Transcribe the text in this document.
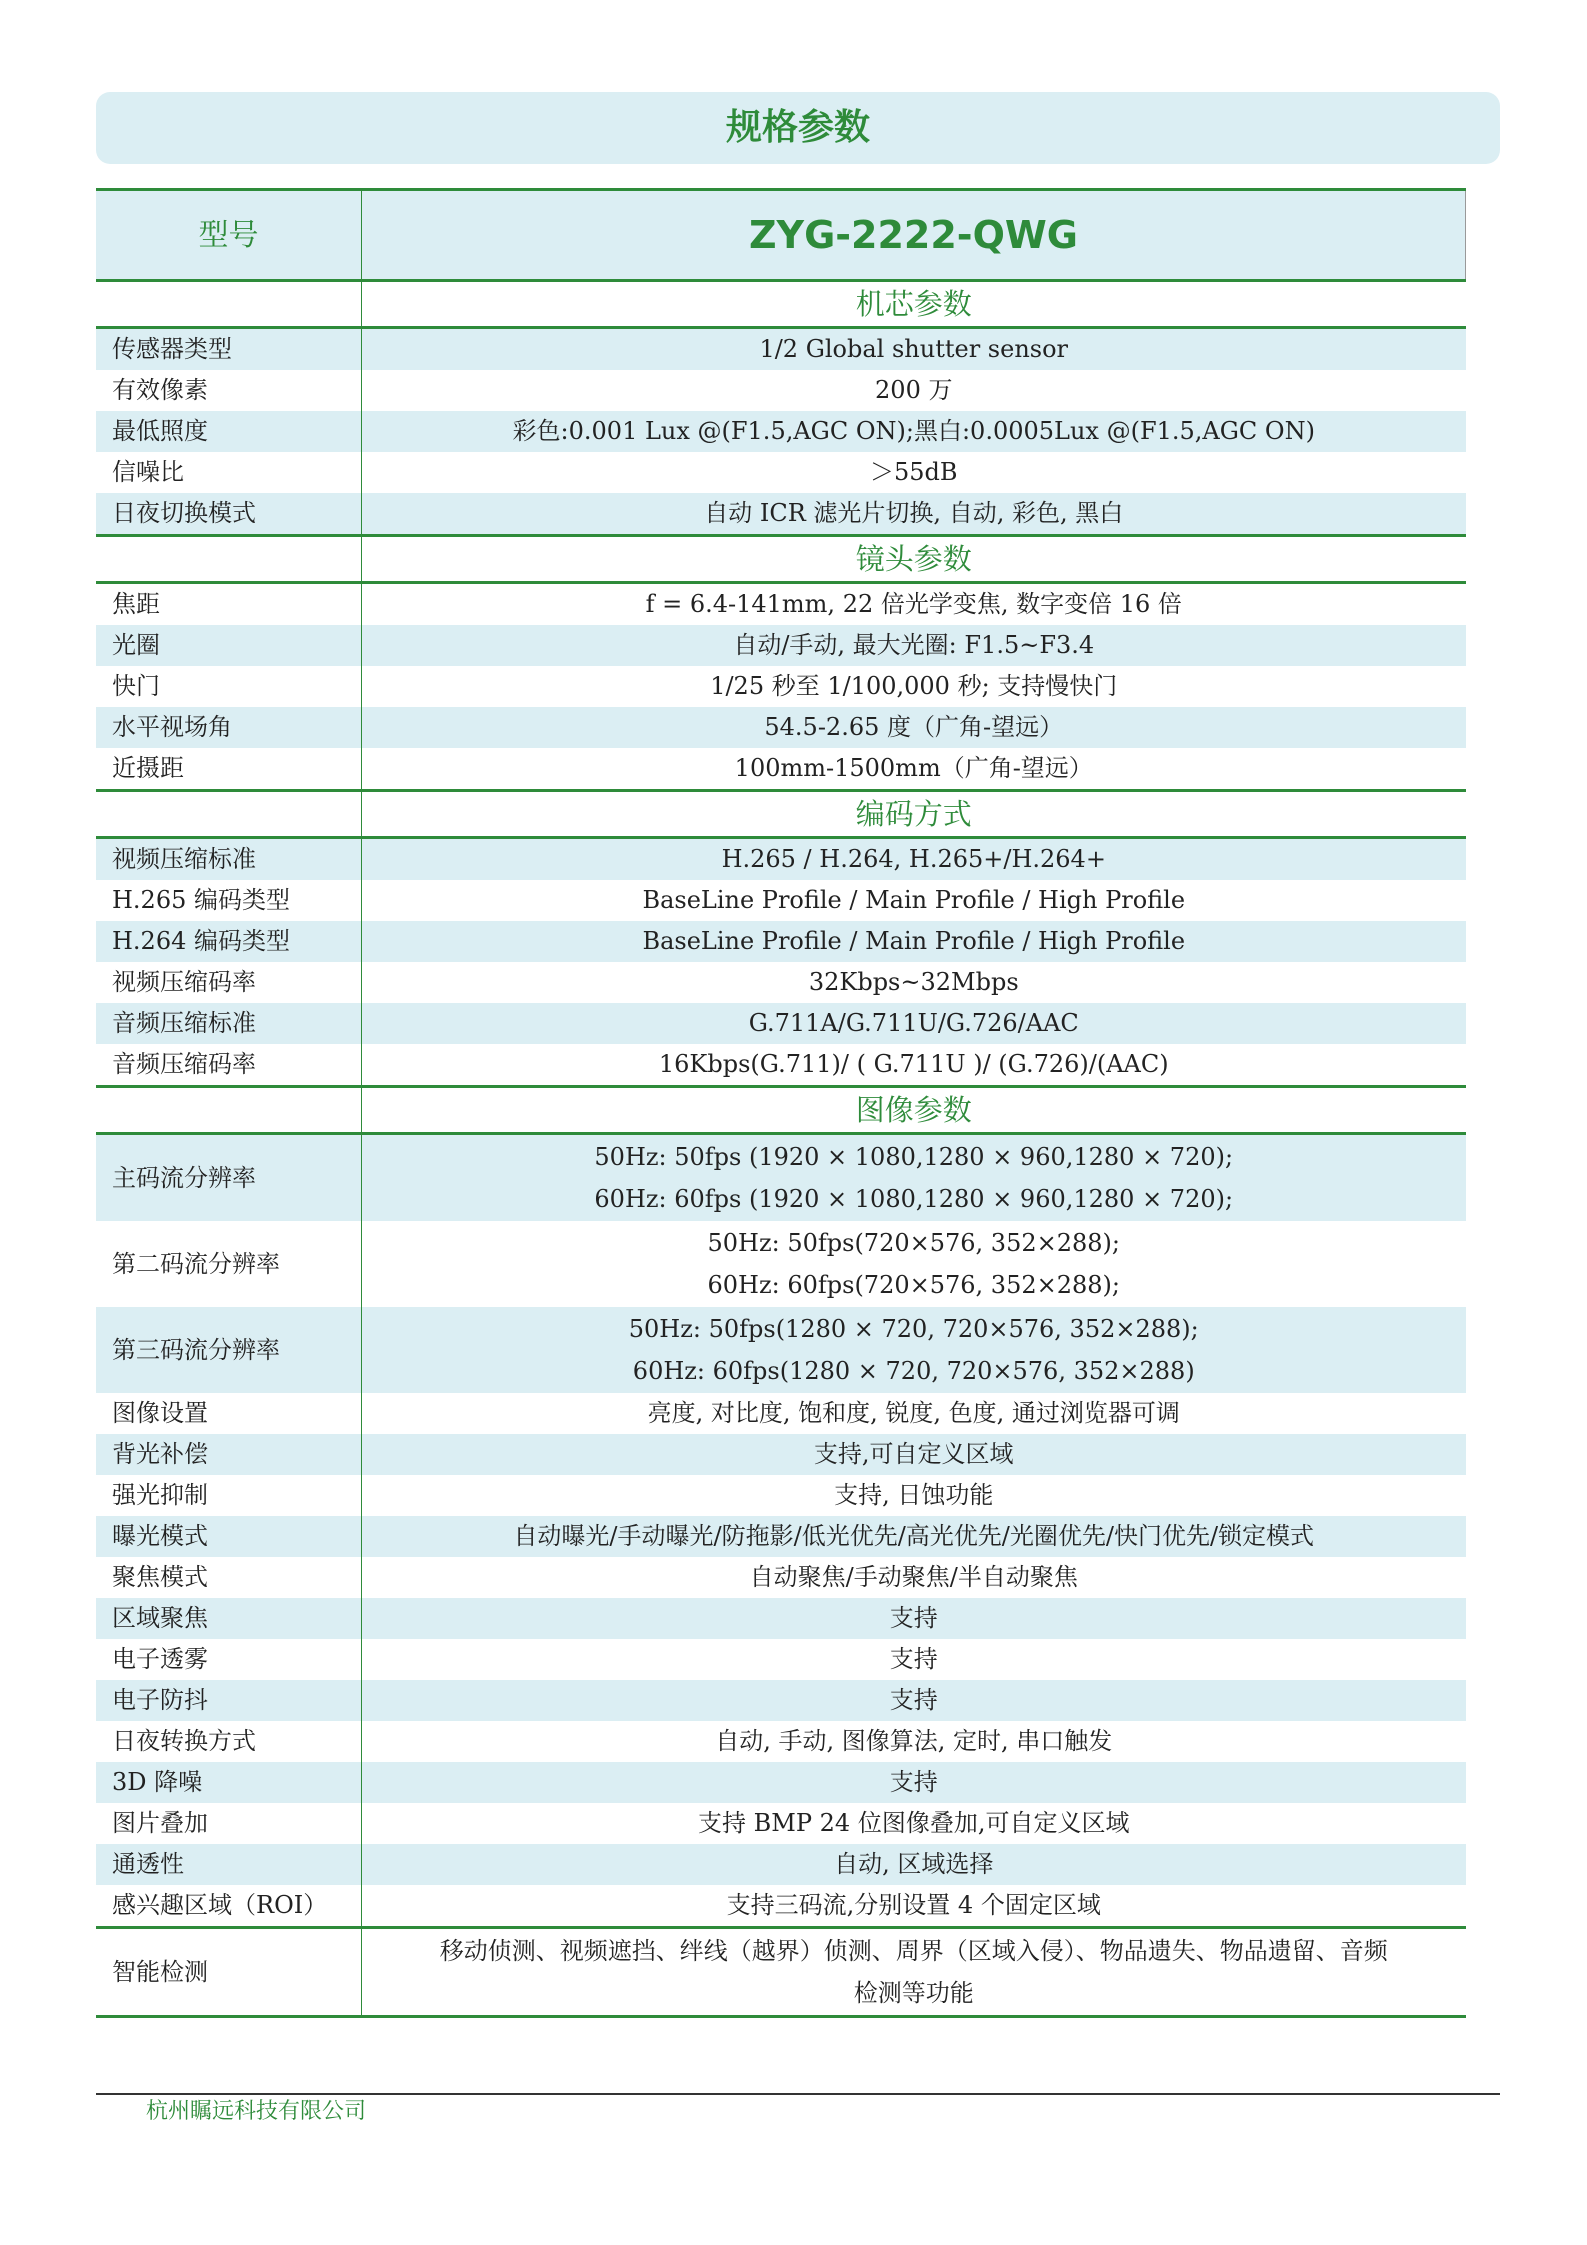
规格参数
型号	ZYG-2222-QWG
	机芯参数
传感器类型	1/2 Global shutter sensor
有效像素	200 万
最低照度	彩色:0.001 Lux @(F1.5,AGC ON);黑白:0.0005Lux @(F1.5,AGC ON)
信噪比	＞55dB
日夜切换模式	自动 ICR 滤光片切换, 自动, 彩色, 黑白
	镜头参数
焦距	f = 6.4-141mm, 22 倍光学变焦, 数字变倍 16 倍
光圈	自动/手动, 最大光圈: F1.5~F3.4
快门	1/25 秒至 1/100,000 秒; 支持慢快门
水平视场角	54.5-2.65 度（广角-望远）
近摄距	100mm-1500mm（广角-望远）
	编码方式
视频压缩标准	H.265 / H.264, H.265+/H.264+
H.265 编码类型	BaseLine Profile / Main Profile / High Profile
H.264 编码类型	BaseLine Profile / Main Profile / High Profile
视频压缩码率	32Kbps~32Mbps
音频压缩标准	G.711A/G.711U/G.726/AAC
音频压缩码率	16Kbps(G.711)/ ( G.711U )/ (G.726)/(AAC)
	图像参数
主码流分辨率	50Hz: 50fps (1920 × 1080,1280 × 960,1280 × 720);
60Hz: 60fps (1920 × 1080,1280 × 960,1280 × 720);

第二码流分辨率	50Hz: 50fps(720×576, 352×288);
60Hz: 60fps(720×576, 352×288);

第三码流分辨率	50Hz: 50fps(1280 × 720, 720×576, 352×288);
60Hz: 60fps(1280 × 720, 720×576, 352×288)

图像设置	亮度, 对比度, 饱和度, 锐度, 色度, 通过浏览器可调
背光补偿	支持,可自定义区域
强光抑制	支持, 日蚀功能
曝光模式	自动曝光/手动曝光/防拖影/低光优先/高光优先/光圈优先/快门优先/锁定模式
聚焦模式	自动聚焦/手动聚焦/半自动聚焦
区域聚焦	支持
电子透雾	支持
电子防抖	支持
日夜转换方式	自动, 手动, 图像算法, 定时, 串口触发
3D 降噪	支持
图片叠加	支持 BMP 24 位图像叠加,可自定义区域
通透性	自动, 区域选择
感兴趣区域（ROI）	支持三码流,分别设置 4 个固定区域
智能检测	移动侦测、视频遮挡、绊线（越界）侦测、周界（区域入侵）、物品遗失、物品遗留、音频
检测等功能
杭州瞩远科技有限公司
